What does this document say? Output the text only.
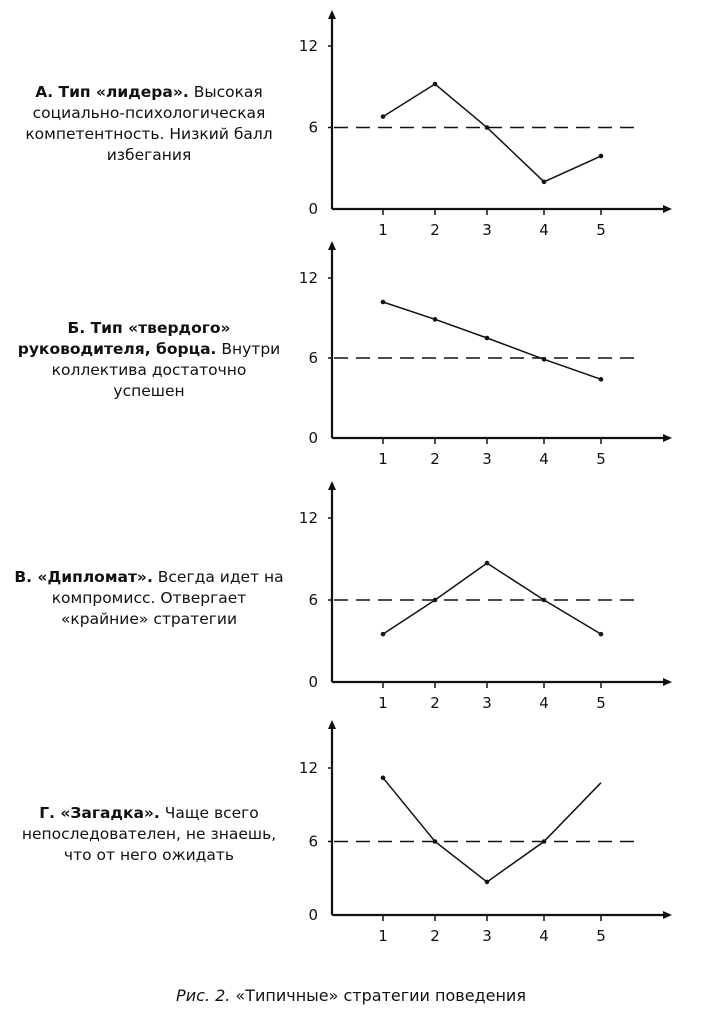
А. Тип «лидера». Высокая социально-психологическая компетентность. Низкий балл избегания
0
6
12
1	2	3	4	5
Б. Тип «твердого» руководителя, борца. Внутри коллектива достаточно успешен
0
6
12
1	2	3	4	5
В. «Дипломат». Всегда идет на компромисс. Отвергает «крайние» стратегии
0
6
12
1	2	3	4	5
Г. «Загадка». Чаще всего непоследователен, не знаешь, что от него ожидать
0
6
12
1	2	3	4	5
Рис. 2. «Типичные» стратегии поведения
